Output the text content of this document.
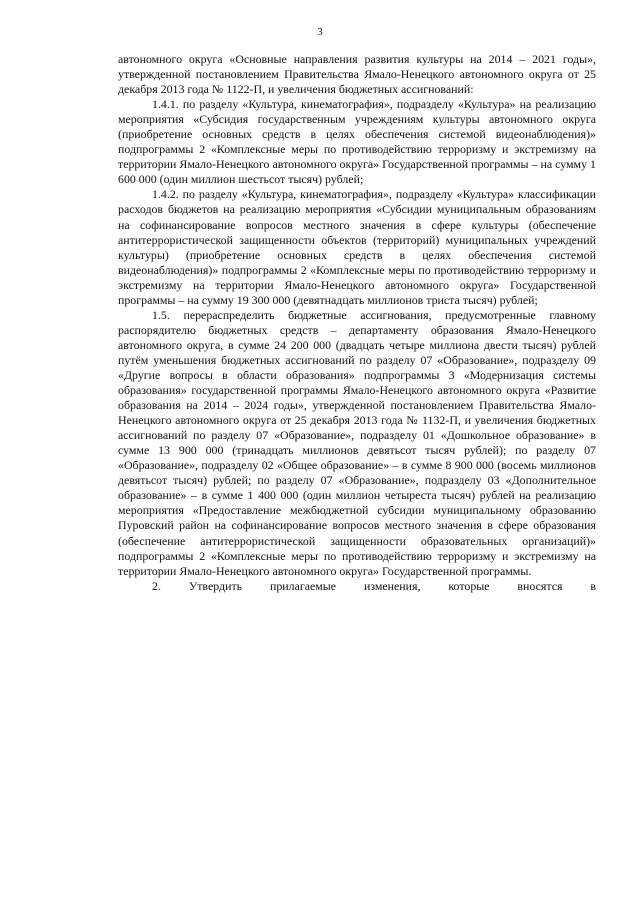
3

автономного округа «Основные направления развития культуры на 2014 – 2021 годы», утвержденной постановлением Правительства Ямало-Ненецкого автономного округа от 25 декабря 2013 года № 1122-П, и увеличения бюджетных ассигнований:

1.4.1. по разделу «Культура, кинематография», подразделу «Культура» на реализацию мероприятия «Субсидия государственным учреждениям культуры автономного округа (приобретение основных средств в целях обеспечения системой видеонаблюдения)» подпрограммы 2 «Комплексные меры по противодействию терроризму и экстремизму на территории Ямало-Ненецкого автономного округа» Государственной программы – на сумму 1 600 000 (один миллион шестьсот тысяч) рублей;

1.4.2. по разделу «Культура, кинематография», подразделу «Культура» классификации расходов бюджетов на реализацию мероприятия «Субсидии муниципальным образованиям на софинансирование вопросов местного значения в сфере культуры (обеспечение антитеррористической защищенности объектов (территорий) муниципальных учреждений культуры) (приобретение основных средств в целях обеспечения системой видеонаблюдения)» подпрограммы 2 «Комплексные меры по противодействию терроризму и экстремизму на территории Ямало-Ненецкого автономного округа» Государственной программы – на сумму 19 300 000 (девятнадцать миллионов триста тысяч) рублей;

1.5. перераспределить бюджетные ассигнования, предусмотренные главному распорядителю бюджетных средств – департаменту образования Ямало-Ненецкого автономного округа, в сумме 24 200 000 (двадцать четыре миллиона двести тысяч) рублей путём уменьшения бюджетных ассигнований по разделу 07 «Образование», подразделу 09 «Другие вопросы в области образования» подпрограммы 3 «Модернизация системы образования» государственной программы Ямало-Ненецкого автономного округа «Развитие образования на 2014 – 2024 годы», утвержденной постановлением Правительства Ямало-Ненецкого автономного округа от 25 декабря 2013 года № 1132-П, и увеличения бюджетных ассигнований по разделу 07 «Образование», подразделу 01 «Дошкольное образование» в сумме 13 900 000 (тринадцать миллионов девятьсот тысяч рублей); по разделу 07 «Образование», подразделу 02 «Общее образование» – в сумме 8 900 000 (восемь миллионов девятьсот тысяч) рублей; по разделу 07 «Образование», подразделу 03 «Дополнительное образование» – в сумме 1 400 000 (один миллион четыреста тысяч) рублей на реализацию мероприятия «Предоставление межбюджетной субсидии муниципальному образованию Пуровский район на софинансирование вопросов местного значения в сфере образования (обеспечение антитеррористической защищенности образовательных организаций)» подпрограммы 2 «Комплексные меры по противодействию терроризму и экстремизму на территории Ямало-Ненецкого автономного округа» Государственной программы.

2. Утвердить прилагаемые изменения, которые вносятся в
